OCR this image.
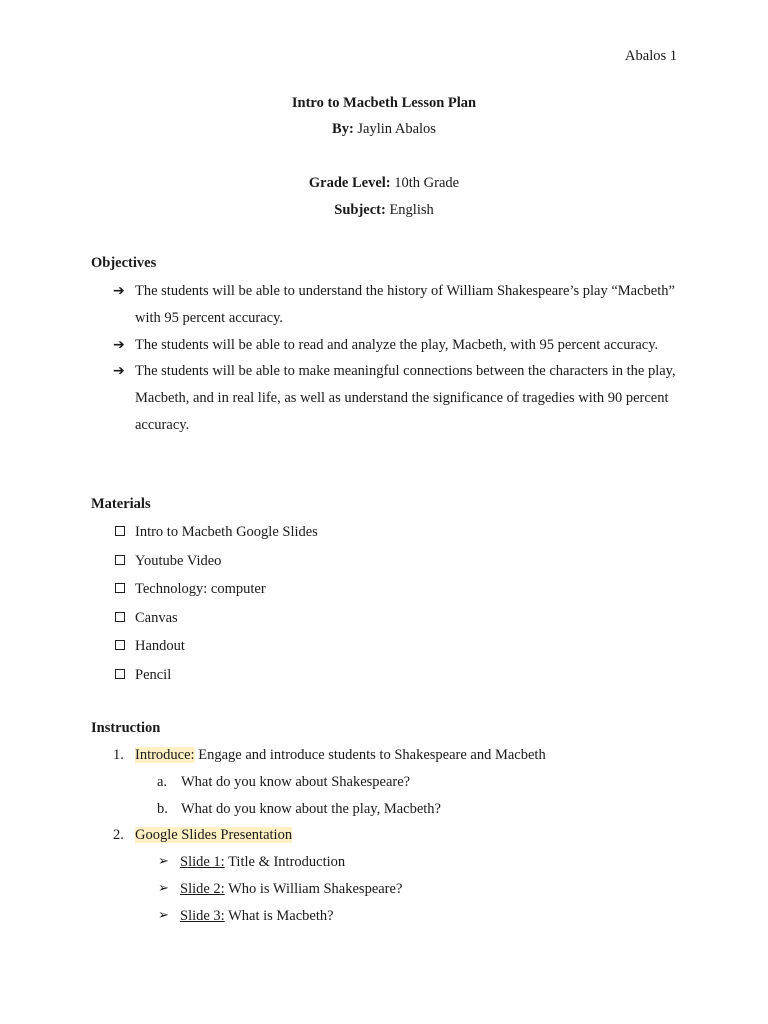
Abalos 1
Intro to Macbeth Lesson Plan
By: Jaylin Abalos
Grade Level: 10th Grade
Subject: English
Objectives
➔ The students will be able to understand the history of William Shakespeare’s play “Macbeth” with 95 percent accuracy.
➔ The students will be able to read and analyze the play, Macbeth, with 95 percent accuracy.
➔ The students will be able to make meaningful connections between the characters in the play, Macbeth, and in real life, as well as understand the significance of tragedies with 90 percent accuracy.
Materials
Intro to Macbeth Google Slides
Youtube Video
Technology: computer
Canvas
Handout
Pencil
Instruction
1. Introduce: Engage and introduce students to Shakespeare and Macbeth
a. What do you know about Shakespeare?
b. What do you know about the play, Macbeth?
2. Google Slides Presentation
➢ Slide 1: Title & Introduction
➢ Slide 2: Who is William Shakespeare?
➢ Slide 3: What is Macbeth?
